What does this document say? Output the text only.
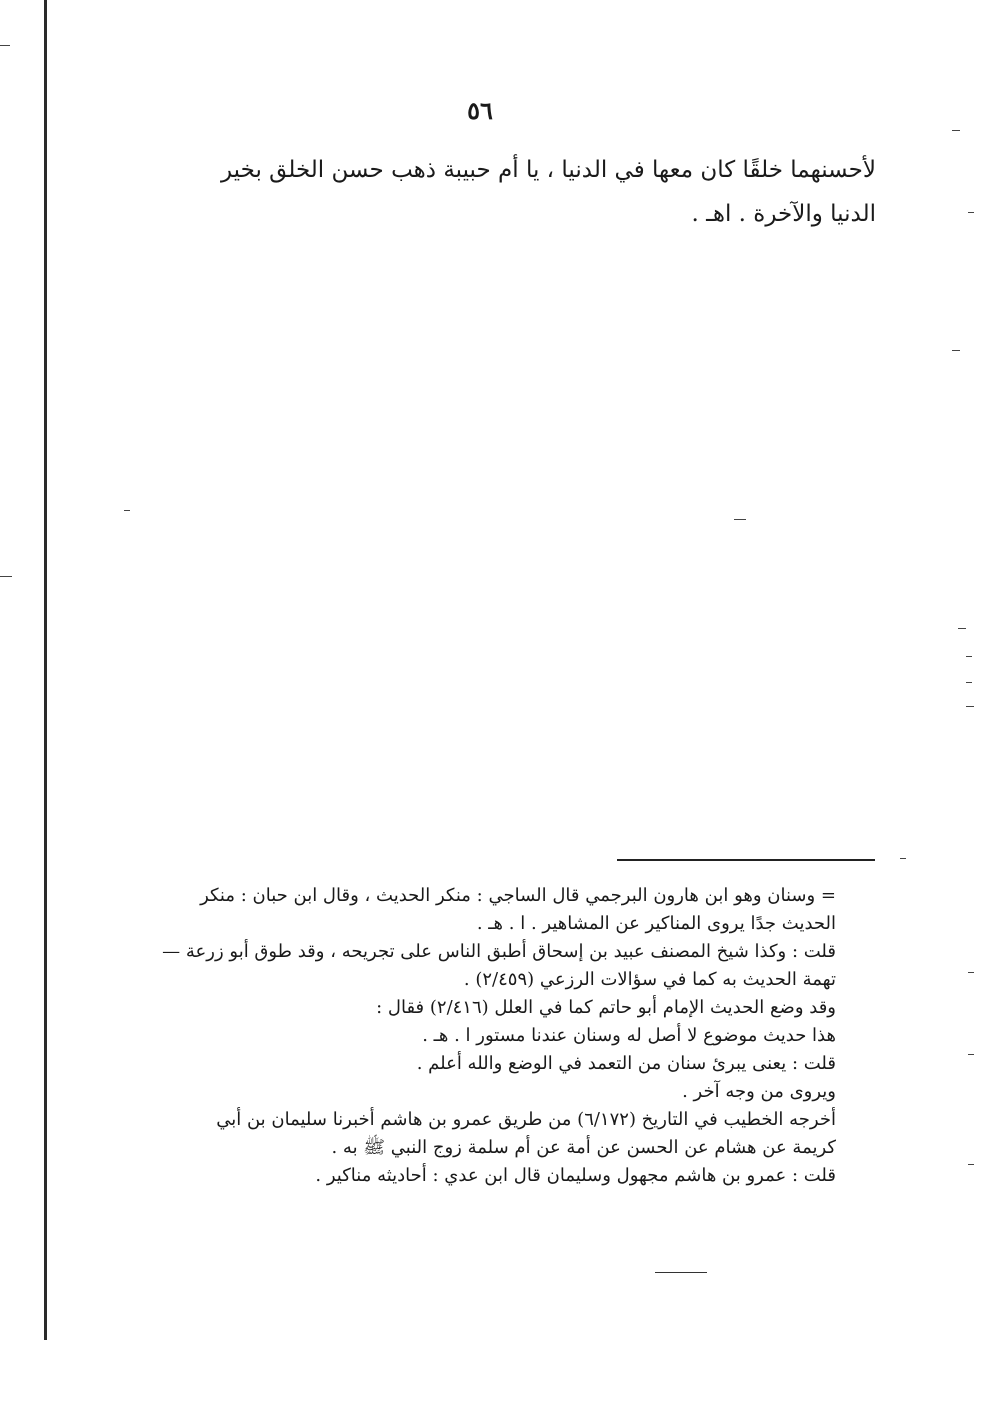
٥٦
لأحسنهما خلقًا كان معها في الدنيا ، يا أم حبيبة ذهب حسن الخلق بخير
الدنيا والآخرة . اهـ .
= وسنان وهو ابن هارون البرجمي قال الساجي : منكر الحديث ، وقال ابن حبان : منكر
الحديث جدًا يروى المناكير عن المشاهير . ا . هـ .
قلت : وكذا شيخ المصنف عبيد بن إسحاق أطبق الناس على تجريحه ، وقد طوق أبو زرعة —
تهمة الحديث به كما في سؤالات الرزعي (٢/٤٥٩) .
وقد وضع الحديث الإمام أبو حاتم كما في العلل (٢/٤١٦) فقال :
هذا حديث موضوع لا أصل له وسنان عندنا مستور ا . هـ .
قلت : يعنى يبرئ سنان من التعمد في الوضع والله أعلم .
ويروى من وجه آخر .
أخرجه الخطيب في التاريخ (٦/١٧٢) من طريق عمرو بن هاشم أخبرنا سليمان بن أبي
كريمة عن هشام عن الحسن عن أمة عن أم سلمة زوج النبي ﷺ به .
قلت : عمرو بن هاشم مجهول وسليمان قال ابن عدي : أحاديثه مناكير .
